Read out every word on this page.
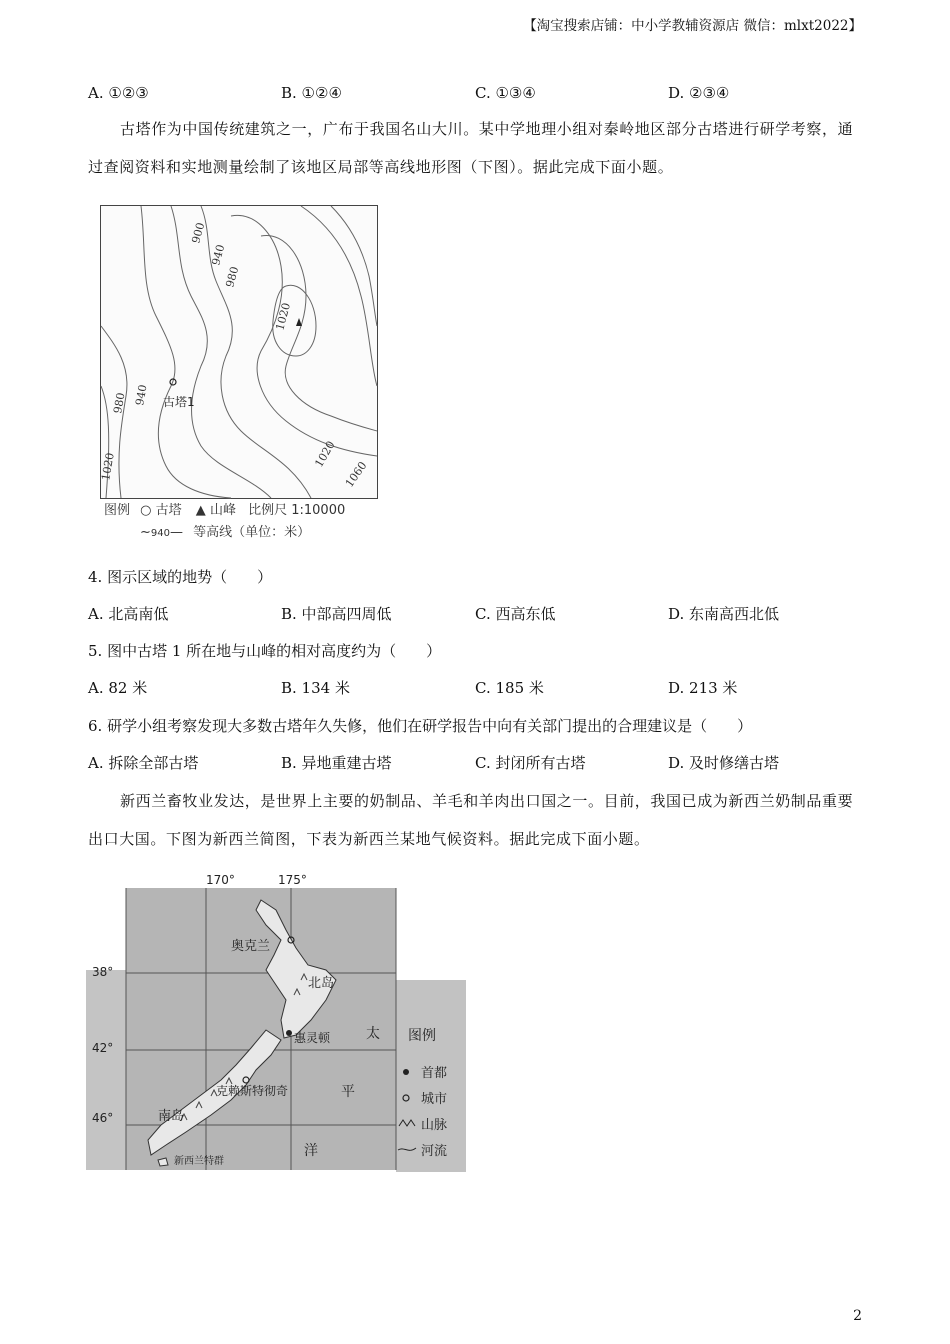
【淘宝搜索店铺：中小学教辅资源店 微信：mlxt2022】
A. ①②③	B. ①②④	C. ①③④	D. ②③④
古塔作为中国传统建筑之一，广布于我国名山大川。某中学地理小组对秦岭地区部分古塔进行研学考察，通过查阅资料和实地测量绘制了该地区局部等高线地形图（下图）。据此完成下面小题。
900
940
980
1020
940
980
1020	1020
1060
古塔1
图例 ○ 古塔 ▲ 山峰 比例尺 1:10000
~940— 等高线（单位：米）
4. 图示区域的地势（　　）
A. 北高南低	B. 中部高四周低	C. 西高东低	D. 东南高西北低
5. 图中古塔 1 所在地与山峰的相对高度约为（　　）
A. 82 米	B. 134 米	C. 185 米	D. 213 米
6. 研学小组考察发现大多数古塔年久失修，他们在研学报告中向有关部门提出的合理建议是（　　）
A. 拆除全部古塔	B. 异地重建古塔	C. 封闭所有古塔	D. 及时修缮古塔
新西兰畜牧业发达，是世界上主要的奶制品、羊毛和羊肉出口国之一。目前，我国已成为新西兰奶制品重要出口大国。下图为新西兰简图，下表为新西兰某地气候资料。据此完成下面小题。
170°	175°
38°
42°
46°
奥克兰
北岛
惠灵顿
克赖斯特彻奇
南岛
新西兰特群
太
平
洋
图例
首都
城市
山脉
河流
2
